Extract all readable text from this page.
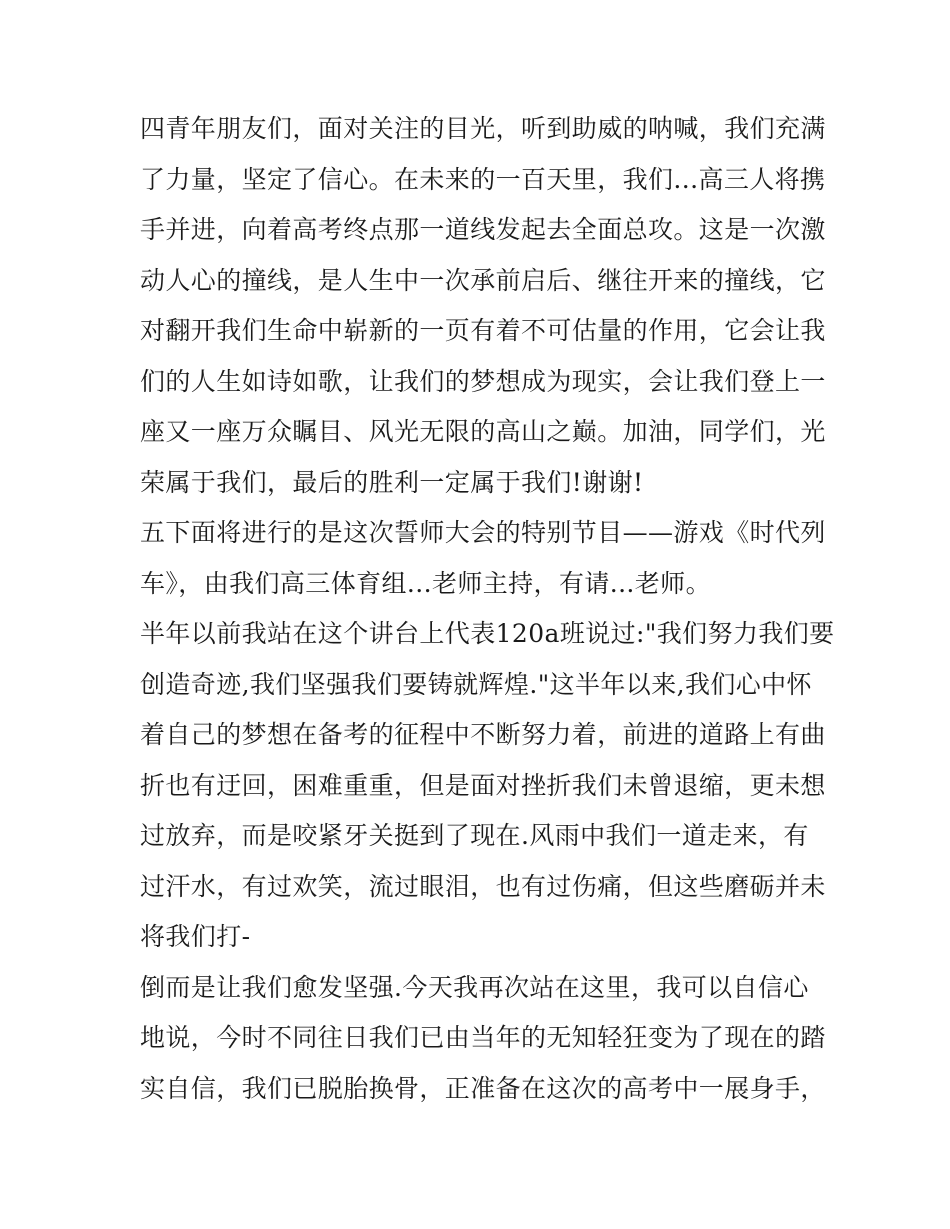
四青年朋友们，面对关注的目光，听到助威的呐喊，我们充满
了力量，坚定了信心。在未来的一百天里，我们...高三人将携
手并进，向着高考终点那一道线发起去全面总攻。这是一次激
动人心的撞线，是人生中一次承前启后、继往开来的撞线，它
对翻开我们生命中崭新的一页有着不可估量的作用，它会让我
们的人生如诗如歌，让我们的梦想成为现实，会让我们登上一
座又一座万众瞩目、风光无限的高山之巅。加油，同学们，光
荣属于我们，最后的胜利一定属于我们!谢谢!
五下面将进行的是这次誓师大会的特别节目——游戏《时代列
车》，由我们高三体育组...老师主持，有请...老师。
半年以前我站在这个讲台上代表120a班说过:"我们努力我们要
创造奇迹,我们坚强我们要铸就辉煌."这半年以来,我们心中怀
着自己的梦想在备考的征程中不断努力着，前进的道路上有曲
折也有迂回，困难重重，但是面对挫折我们未曾退缩，更未想
过放弃，而是咬紧牙关挺到了现在.风雨中我们一道走来，有
过汗水，有过欢笑，流过眼泪，也有过伤痛，但这些磨砺并未
将我们打-
倒而是让我们愈发坚强.今天我再次站在这里，我可以自信心
地说，今时不同往日我们已由当年的无知轻狂变为了现在的踏
实自信，我们已脱胎换骨，正准备在这次的高考中一展身手，
